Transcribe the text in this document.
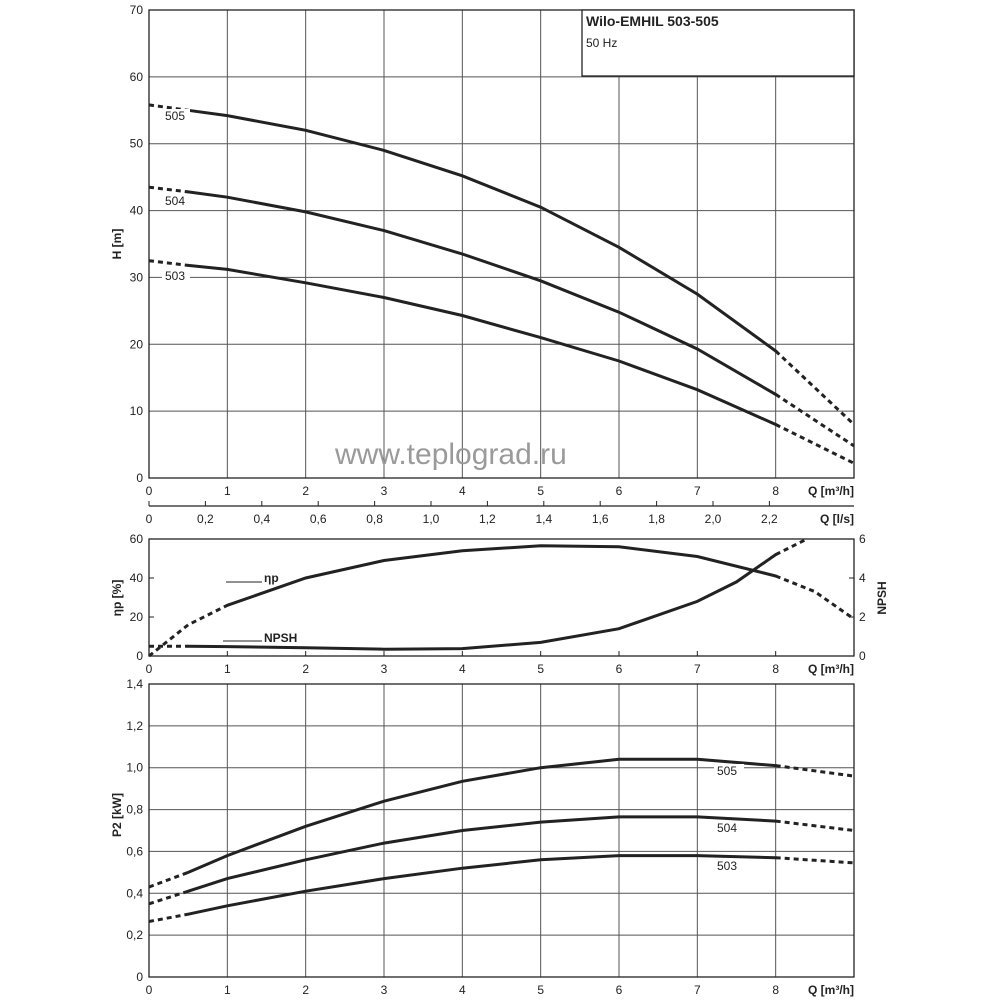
0
10
20
30
40
50
60
70
0	1	2	3	4	5	6	7	8 Q [m³/h]
H [m]
0	0,2	0,4	0,6	0,8	1,0	1,2	1,4	1,6	1,8	2,0	2,2	Q [l/s]
505
504
503
0
20
40
60
0
2
4
6
0	1	2	3	4	5	6	7	8 Q [m³/h]
ηp [%]	NPSH
ηp
NPSH
0
0,2
0,4
0,6
0,8
1,0
1,2
1,4
0	1	2	3	4	5	6	7	8 Q [m³/h]
P2 [kW]
505
504
503
Wilo-EMHIL 503-505
50 Hz
www.teplograd.ru
